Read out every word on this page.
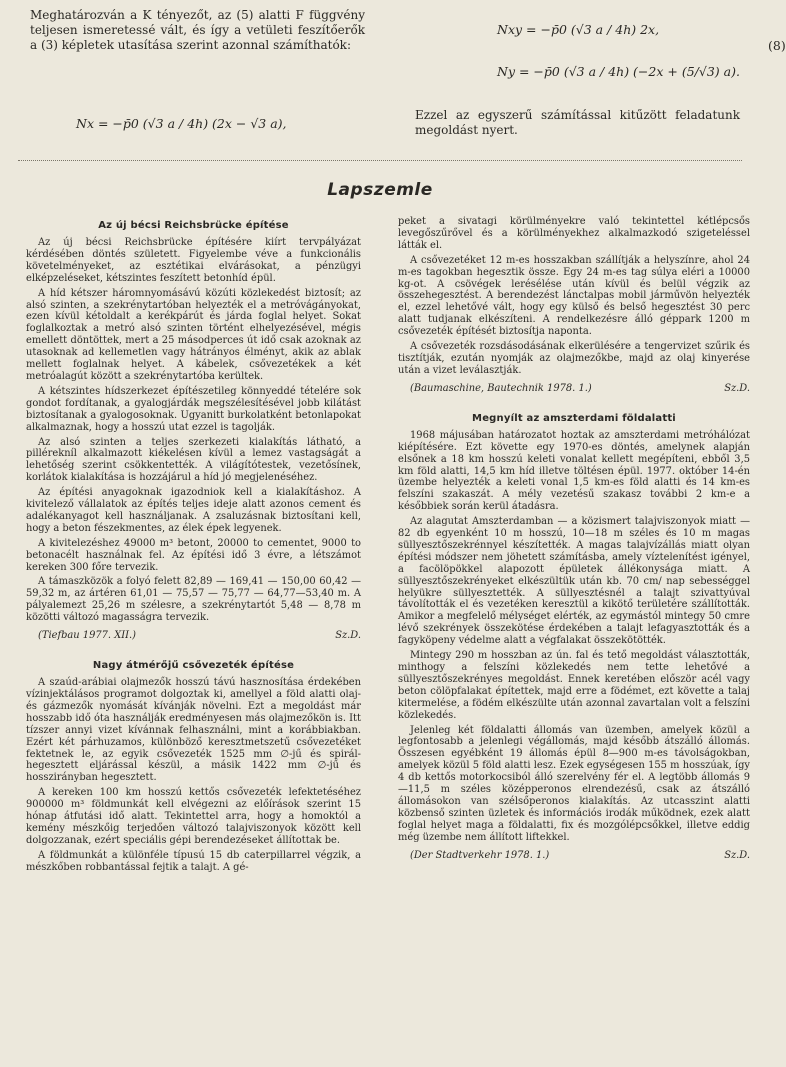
Meghatározván a K tényezőt, az (5) alatti F függvény teljesen ismeretessé vált, és így a vetületi feszítőerők a (3) képletek utasítása szerint azonnal számíthatók:

Nx = −p̄0 (√3 a / 4h) (2x − √3 a),
Nxy = −p̄0 (√3 a / 4h) 2x,
Ny = −p̄0 (√3 a / 4h) (−2x + (5/√3) a).
(8)

Ezzel az egyszerű számítással kitűzött feladatunk megoldást nyert.

Lapszemle
Az új bécsi Reichsbrücke építése

Az új bécsi Reichsbrücke építésére kiírt tervpályázat kérdésében döntés született. Figyelembe véve a funkcionális követelményeket, az esztétikai elvárásokat, a pénzügyi elképzeléseket, kétszintes feszített betonhíd épül.

A híd kétszer háromnyomásávú közúti közlekedést biztosít; az alsó szinten, a szekrénytartóban helyezték el a metróvágányokat, ezen kívül kétoldalt a kerékpárút és járda foglal helyet. Sokat foglalkoztak a metró alsó szinten történt elhelyezésével, mégis emellett döntöttek, mert a 25 másodperces út idő csak azoknak az utasoknak ad kellemetlen vagy hátrányos élményt, akik az ablak mellett foglalnak helyet. A kábelek, csővezetékek a két metróalagút között a szekrénytartóba kerültek.

A kétszintes hídszerkezet építészetileg könnyeddé tételére sok gondot fordítanak, a gyalogjárdák megszélesítésével jobb kilátást biztosítanak a gyalogosoknak. Ugyanitt burkolatként betonlapokat alkalmaznak, hogy a hosszú utat ezzel is tagolják.

Az alsó szinten a teljes szerkezeti kialakítás látható, a pillérekníl alkalmazott kiékelésen kívül a lemez vastagságát a lehetőség szerint csökkentették. A világítótestek, vezetősínek, korlátok kialakítása is hozzájárul a híd jó megjelenéséhez.

Az építési anyagoknak igazodniok kell a kialakításhoz. A kivitelező vállalatok az építés teljes ideje alatt azonos cement és adalékanyagot kell használjanak. A zsaluzásnak biztosítani kell, hogy a beton fészekmentes, az élek épek legyenek.

A kivitelezéshez 49000 m³ betont, 20000 to cementet, 9000 to betonacélt használnak fel. Az építési idő 3 évre, a létszámot kereken 300 főre tervezik.

A támaszközök a folyó felett 82,89 — 169,41 — 150,00 60,42 — 59,32 m, az ártéren 61,01 — 75,57 — 75,77 — 64,77—53,40 m. A pályalemezt 25,26 m szélesre, a szekrénytartót 5,48 — 8,78 m közötti változó magasságra tervezik.

(Tiefbau 1977. XII.)	Sz.D.
Nagy átmérőjű csővezeték építése

A szaúd-arábiai olajmezők hosszú távú hasznosítása érdekében vízinjektálásos programot dolgoztak ki, amellyel a föld alatti olaj- és gázmezők nyomását kívánják növelni. Ezt a megoldást már hosszabb idő óta használják eredményesen más olajmezőkön is. Itt tízszer annyi vizet kívánnak felhasználni, mint a korábbiakban. Ezért két párhuzamos, különböző keresztmetszetű csővezetéket fektetnek le, az egyik csővezeték 1525 mm ∅-jű és spirál-hegesztett eljárással készül, a másik 1422 mm ∅-jű és hosszirányban hegesztett.

A kereken 100 km hosszú kettős csővezeték lefektetéséhez 900000 m³ földmunkát kell elvégezni az előírások szerint 15 hónap átfutási idő alatt. Tekintettel arra, hogy a homoktól a kemény mészkőig terjedően változó talajviszonyok között kell dolgozzanak, ezért speciális gépi berendezéseket állítottak be.

A földmunkát a különféle típusú 15 db caterpillarrel végzik, a mészkőben robbantással fejtik a talajt. A gé-

peket a sivatagi körülményekre való tekintettel kétlépcsős levegőszűrővel és a körülményekhez alkalmazkodó szigeteléssel látták el.

A csővezetéket 12 m-es hosszakban szállítják a helyszínre, ahol 24 m-es tagokban hegesztik össze. Egy 24 m-es tag súlya eléri a 10000 kg-ot. A csövégek lerésélése után kívül és belül végzik az összehegesztést. A berendezést lánctalpas mobil járművön helyezték el, ezzel lehetővé vált, hogy egy külső és belső hegesztést 30 perc alatt tudjanak elkészíteni. A rendelkezésre álló géppark 1200 m csővezeték építését biztosítja naponta.

A csővezeték rozsdásodásának elkerülésére a tengervizet szűrik és tisztítják, ezután nyomják az olajmezőkbe, majd az olaj kinyerése után a vizet leválasztják.

(Baumaschine, Bautechnik 1978. 1.)	Sz.D.
Megnyílt az amszterdami földalatti

1968 májusában határozatot hoztak az amszterdami metróhálózat kiépítésére. Ezt követte egy 1970-es döntés, amelynek alapján elsőnek a 18 km hosszú keleti vonalat kellett megépíteni, ebből 3,5 km föld alatti, 14,5 km híd illetve töltésen épül. 1977. október 14-én üzembe helyezték a keleti vonal 1,5 km-es föld alatti és 14 km-es felszíni szakaszát. A mély vezetésű szakasz további 2 km-e a későbbiek során kerül átadásra.

Az alagutat Amszterdamban — a közismert talajviszonyok miatt — 82 db egyenként 10 m hosszú, 10—18 m széles és 10 m magas süllyesztőszekrénnyel készítették. A magas talajvízállás miatt olyan építési módszer nem jöhetett számításba, amely víztelenítést igényel, a facölöpökkel alapozott épületek állékonysága miatt. A süllyesztőszekrényeket elkészültük után kb. 70 cm/ nap sebességgel helyükre süllyesztették. A süllyesztésnél a talajt szivattyúval távolították el és vezetéken keresztül a kikötő területére szállították. Amikor a megfelelő mélységet elérték, az egymástól mintegy 50 cmre lévő szekrények összekötése érdekében a talajt lefagyasztották és a fagyköpeny védelme alatt a végfalakat összekötötték.

Mintegy 290 m hosszban az ún. fal és tető megoldást választották, minthogy a felszíni közlekedés nem tette lehetővé a süllyesztőszekrényes megoldást. Ennek keretében először acél vagy beton cölöpfalakat építettek, majd erre a födémet, ezt követte a talaj kitermelése, a födém elkészülte után azonnal zavartalan volt a felszíni közlekedés.

Jelenleg két földalatti állomás van üzemben, amelyek közül a legfontosabb a jelenlegi végállomás, majd később átszálló állomás. Összesen egyébként 19 állomás épül 8—900 m-es távolságokban, amelyek közül 5 föld alatti lesz. Ezek egységesen 155 m hosszúak, így 4 db kettős motorkocsiból álló szerelvény fér el. A legtöbb állomás 9—11,5 m széles középperonos elrendezésű, csak az átszálló állomásokon van szélsőperonos kialakítás. Az utcasszint alatti közbenső szinten üzletek és információs irodák működnek, ezek alatt foglal helyet maga a földalatti, fix és mozgólépcsőkkel, illetve eddig még üzembe nem állított liftekkel.

(Der Stadtverkehr 1978. 1.)	Sz.D.
